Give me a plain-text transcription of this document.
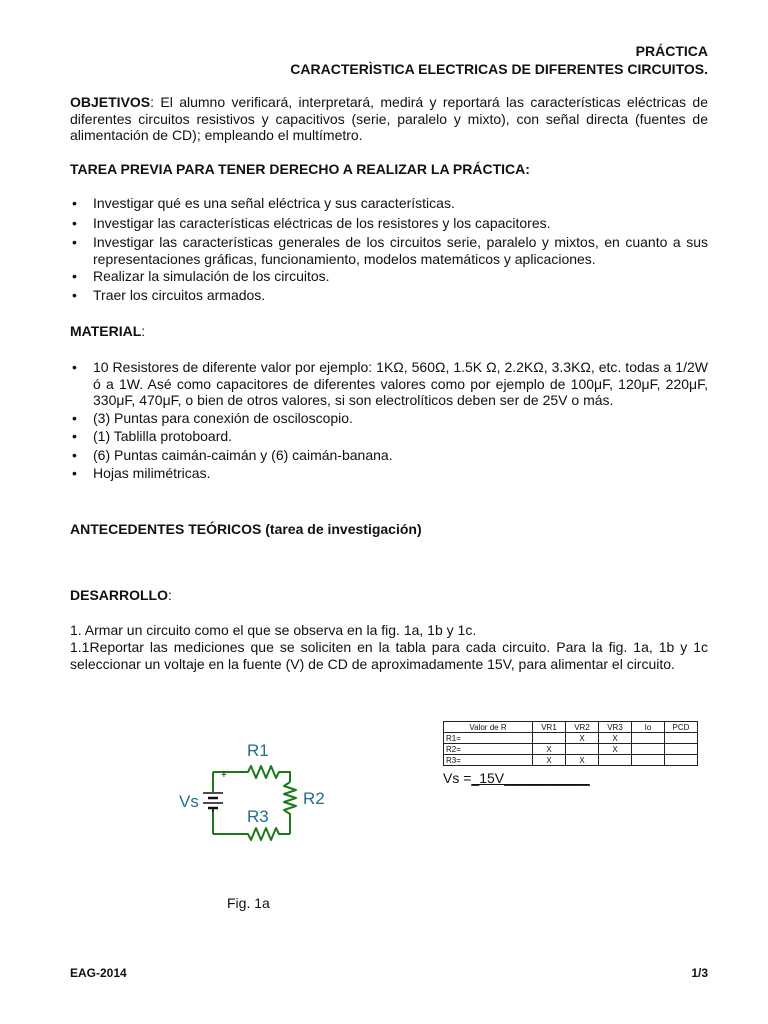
PRÁCTICA
CARACTERÌSTICA ELECTRICAS DE DIFERENTES CIRCUITOS.
OBJETIVOS: El alumno verificará, interpretará, medirá y reportará las características eléctricas de diferentes circuitos resistivos y capacitivos (serie, paralelo y mixto), con señal directa (fuentes de alimentación de CD); empleando el multímetro.
TAREA PREVIA PARA TENER DERECHO A REALIZAR LA PRÁCTICA:
• Investigar qué es una señal eléctrica y sus características.
• Investigar las características eléctricas de los resistores y los capacitores.
• Investigar las características generales de los circuitos serie, paralelo y mixtos, en cuanto a sus representaciones gráficas, funcionamiento, modelos matemáticos y aplicaciones.
• Realizar la simulación de los circuitos.
• Traer los circuitos armados.
MATERIAL:
• 10 Resistores de diferente valor por ejemplo: 1KΩ, 560Ω, 1.5K Ω, 2.2KΩ, 3.3KΩ, etc. todas a 1/2W ó a 1W. Asé como capacitores de diferentes valores como por ejemplo de 100μF, 120μF, 220μF, 330μF, 470μF, o bien de otros valores, si son electrolíticos deben ser de 25V o más.
• (3) Puntas para conexión de osciloscopio.
• (1) Tablilla protoboard.
• (6) Puntas caimán-caimán y (6) caimán-banana.
• Hojas milimétricas.
ANTECEDENTES TEÓRICOS (tarea de investigación)
DESARROLLO:
1. Armar un circuito como el que se observa en la fig. 1a, 1b y 1c.
1.1Reportar las mediciones que se soliciten en la tabla para cada circuito. Para la fig. 1a, 1b y 1c seleccionar un voltaje en la fuente (V) de CD de aproximadamente 15V, para alimentar el circuito.
+
R1
R2
R3
Vs
Valor de R	VR1	VR2	VR3	Io	PCD
R1=		X	X		
R2=	X		X		
R3=	X	X			
Vs =_15V___________
Fig. 1a
EAG-2014	1/3
